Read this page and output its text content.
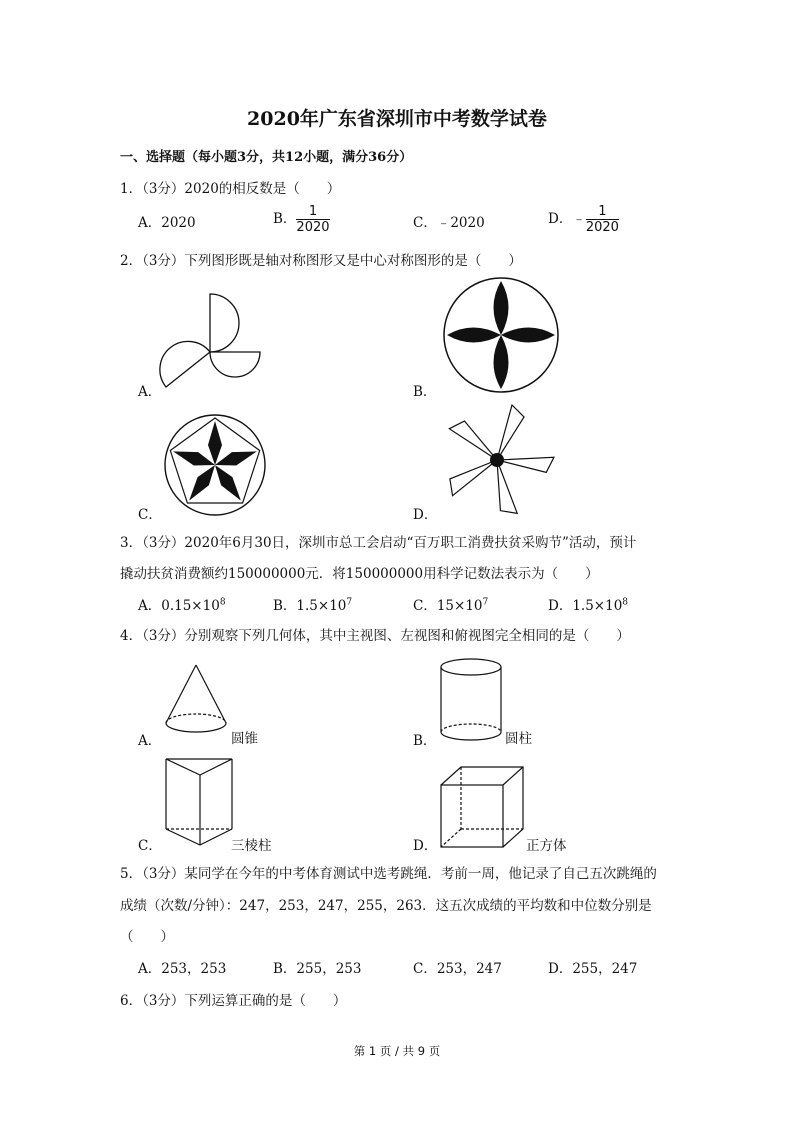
2020年广东省深圳市中考数学试卷
一、选择题（每小题3分，共12小题，满分36分）
1．（3分）2020的相反数是（　　）
A．2020	B． $\frac{1}{2020}$	C．﹣2020	D．﹣ $\frac{1}{2020}$
2．（3分）下列图形既是轴对称图形又是中心对称图形的是（　　）
A．	B．
C．	D．
3．（3分）2020年6月30日，深圳市总工会启动“百万职工消费扶贫采购节”活动，预计
撬动扶贫消费额约150000000元．将150000000用科学记数法表示为（　　）
A．$0.15\times 10^8$	B．$1.5\times 10^7$	C．$15\times 10^7$	D．$1.5\times 10^8$
4．（3分）分别观察下列几何体，其中主视图、左视图和俯视图完全相同的是（　　）
A．	圆锥	B．	圆柱
C．	三棱柱	D．	正方体
5．（3分）某同学在今年的中考体育测试中选考跳绳．考前一周，他记录了自己五次跳绳的
成绩（次数/分钟）：247，253，247，255，263．这五次成绩的平均数和中位数分别是
（　　）
A．253，253	B．255，253	C．253，247	D．255，247
6．（3分）下列运算正确的是（　　）
第 1 页 / 共 9 页
